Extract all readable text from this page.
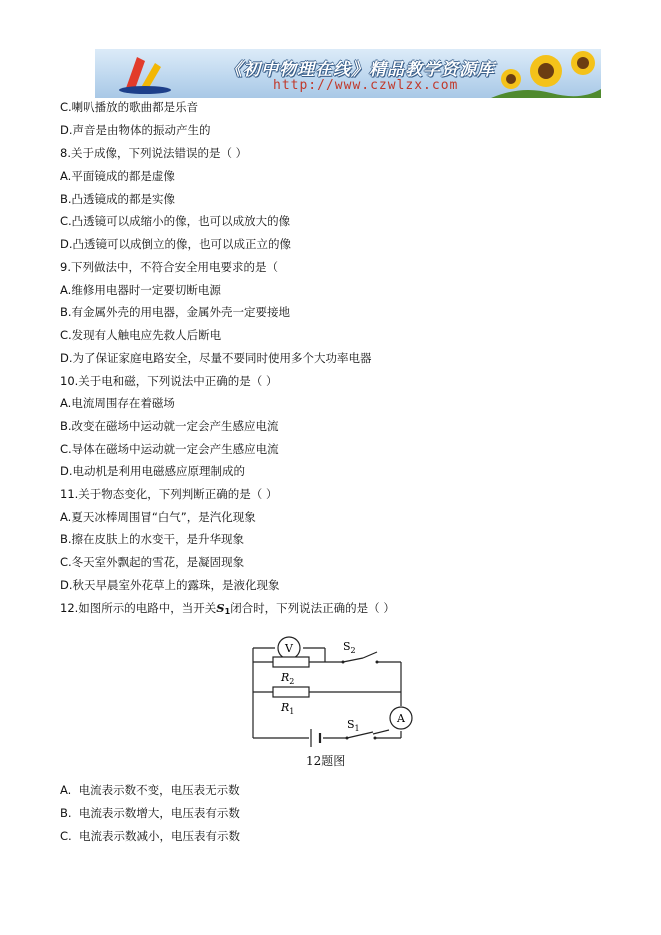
《初中物理在线》精品教学资源库
http://www.czwlzx.com
C.喇叭播放的歌曲都是乐音
D.声音是由物体的振动产生的
8.关于成像，下列说法错误的是（ ）
A.平面镜成的都是虚像
B.凸透镜成的都是实像
C.凸透镜可以成缩小的像，也可以成放大的像
D.凸透镜可以成倒立的像，也可以成正立的像
9.下列做法中，不符合安全用电要求的是（
A.维修用电器时一定要切断电源
B.有金属外壳的用电器，金属外壳一定要接地
C.发现有人触电应先救人后断电
D.为了保证家庭电路安全，尽量不要同时使用多个大功率电器
10.关于电和磁，下列说法中正确的是（ ）
A.电流周围存在着磁场
B.改变在磁场中运动就一定会产生感应电流
C.导体在磁场中运动就一定会产生感应电流
D.电动机是利用电磁感应原理制成的
11.关于物态变化，下列判断正确的是（ ）
A.夏天冰棒周围冒“白气”，是汽化现象
B.擦在皮肤上的水变干，是升华现象
C.冬天室外飘起的雪花，是凝固现象
D.秋天早晨室外花草上的露珠，是液化现象
12.如图所示的电路中，当开关S1闭合时，下列说法正确的是（ ）
V
$R_2$
$R_1$
$S_2$
A
$S_1$
12题图
A. 电流表示数不变，电压表无示数
B. 电流表示数增大，电压表有示数
C. 电流表示数减小，电压表有示数
